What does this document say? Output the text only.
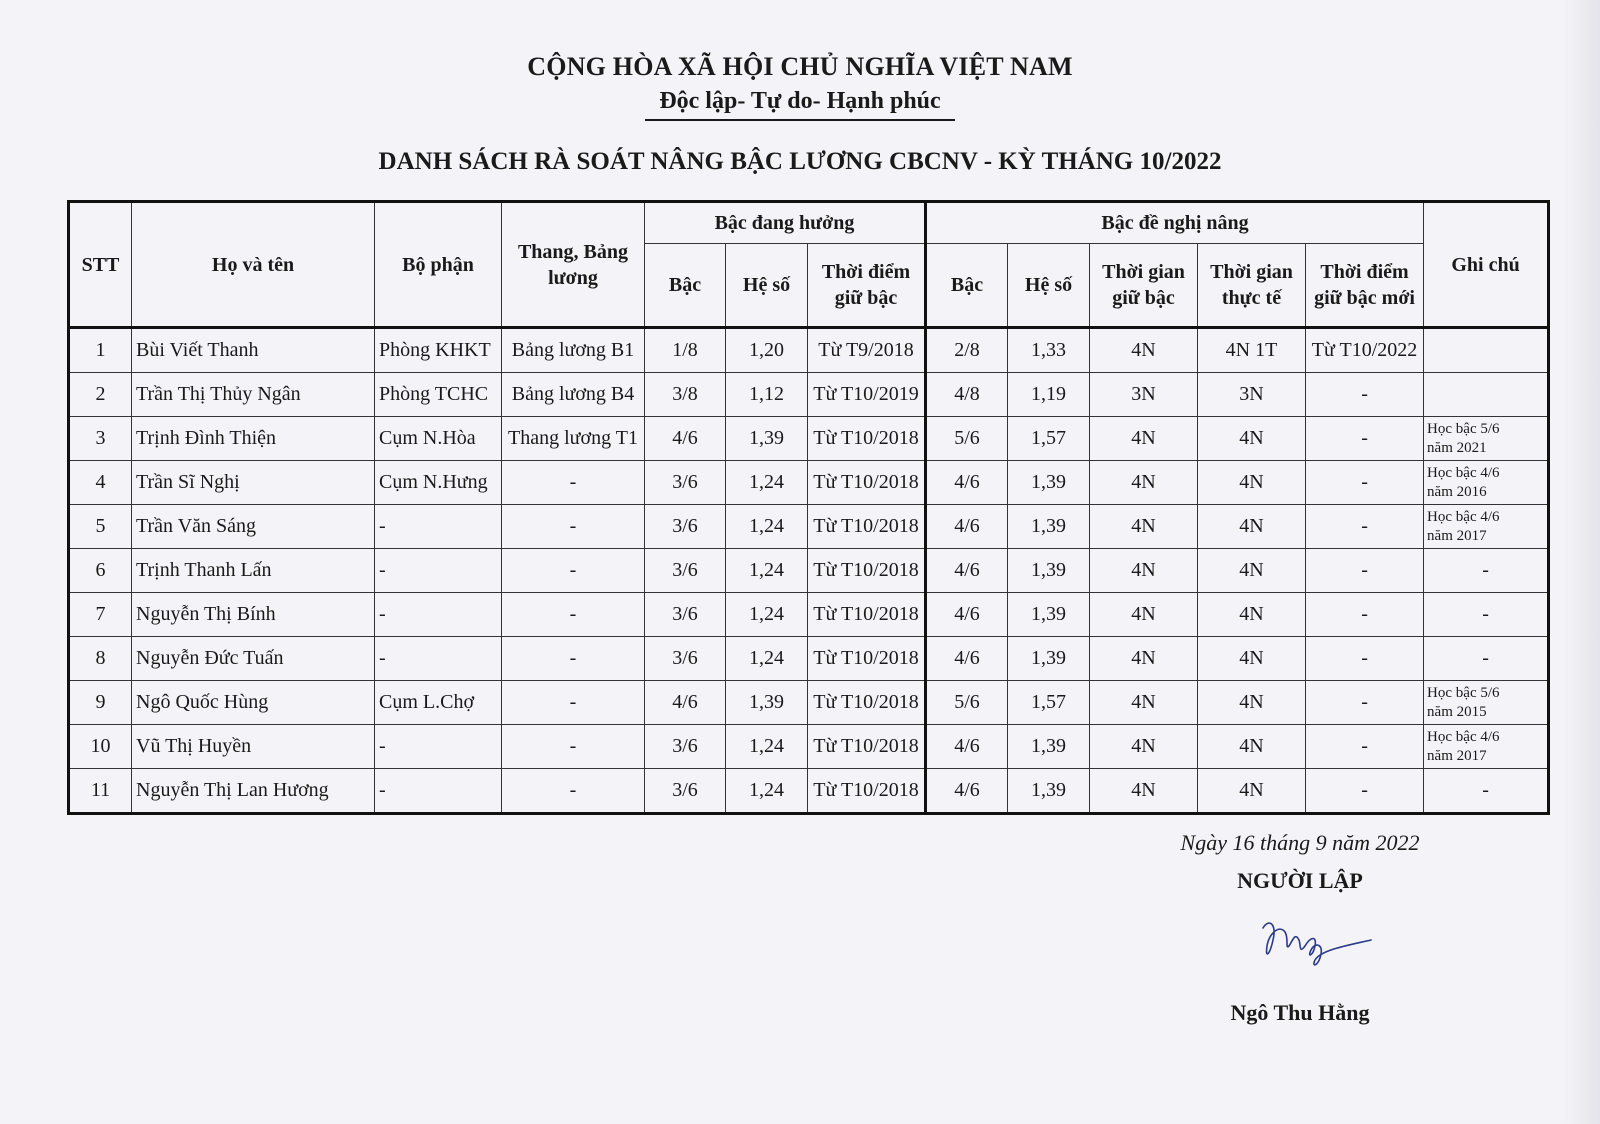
CỘNG HÒA XÃ HỘI CHỦ NGHĨA VIỆT NAM
Độc lập- Tự do- Hạnh phúc
DANH SÁCH RÀ SOÁT NÂNG BẬC LƯƠNG CBCNV - KỲ THÁNG 10/2022
STT	Họ và tên	Bộ phận	Thang, Bảng lương	Bậc đang hưởng			Bậc đề nghị nâng					Ghi chú
				Bậc	Hệ số	Thời điểm giữ bậc	Bậc	Hệ số	Thời gian giữ bậc	Thời gian thực tế	Thời điểm giữ bậc mới	
1	Bùi Viết Thanh	Phòng KHKT	Bảng lương B1	1/8	1,20	Từ T9/2018	2/8	1,33	4N	4N 1T	Từ T10/2022	
2	Trần Thị Thủy Ngân	Phòng TCHC	Bảng lương B4	3/8	1,12	Từ T10/2019	4/8	1,19	3N	3N	-	
3	Trịnh Đình Thiện	Cụm N.Hòa	Thang lương T1	4/6	1,39	Từ T10/2018	5/6	1,57	4N	4N	-	Học bậc 5/6
năm 2021

4	Trần Sĩ Nghị	Cụm N.Hưng	-	3/6	1,24	Từ T10/2018	4/6	1,39	4N	4N	-	Học bậc 4/6
năm 2016

5	Trần Văn Sáng	-	-	3/6	1,24	Từ T10/2018	4/6	1,39	4N	4N	-	Học bậc 4/6
năm 2017

6	Trịnh Thanh Lấn	-	-	3/6	1,24	Từ T10/2018	4/6	1,39	4N	4N	-	-
7	Nguyễn Thị Bính	-	-	3/6	1,24	Từ T10/2018	4/6	1,39	4N	4N	-	-
8	Nguyễn Đức Tuấn	-	-	3/6	1,24	Từ T10/2018	4/6	1,39	4N	4N	-	-
9	Ngô Quốc Hùng	Cụm L.Chợ	-	4/6	1,39	Từ T10/2018	5/6	1,57	4N	4N	-	Học bậc 5/6
năm 2015

10	Vũ Thị Huyền	-	-	3/6	1,24	Từ T10/2018	4/6	1,39	4N	4N	-	Học bậc 4/6
năm 2017

11	Nguyễn Thị Lan Hương	-	-	3/6	1,24	Từ T10/2018	4/6	1,39	4N	4N	-	-
Ngày 16 tháng 9 năm 2022
NGƯỜI LẬP
Ngô Thu Hằng
